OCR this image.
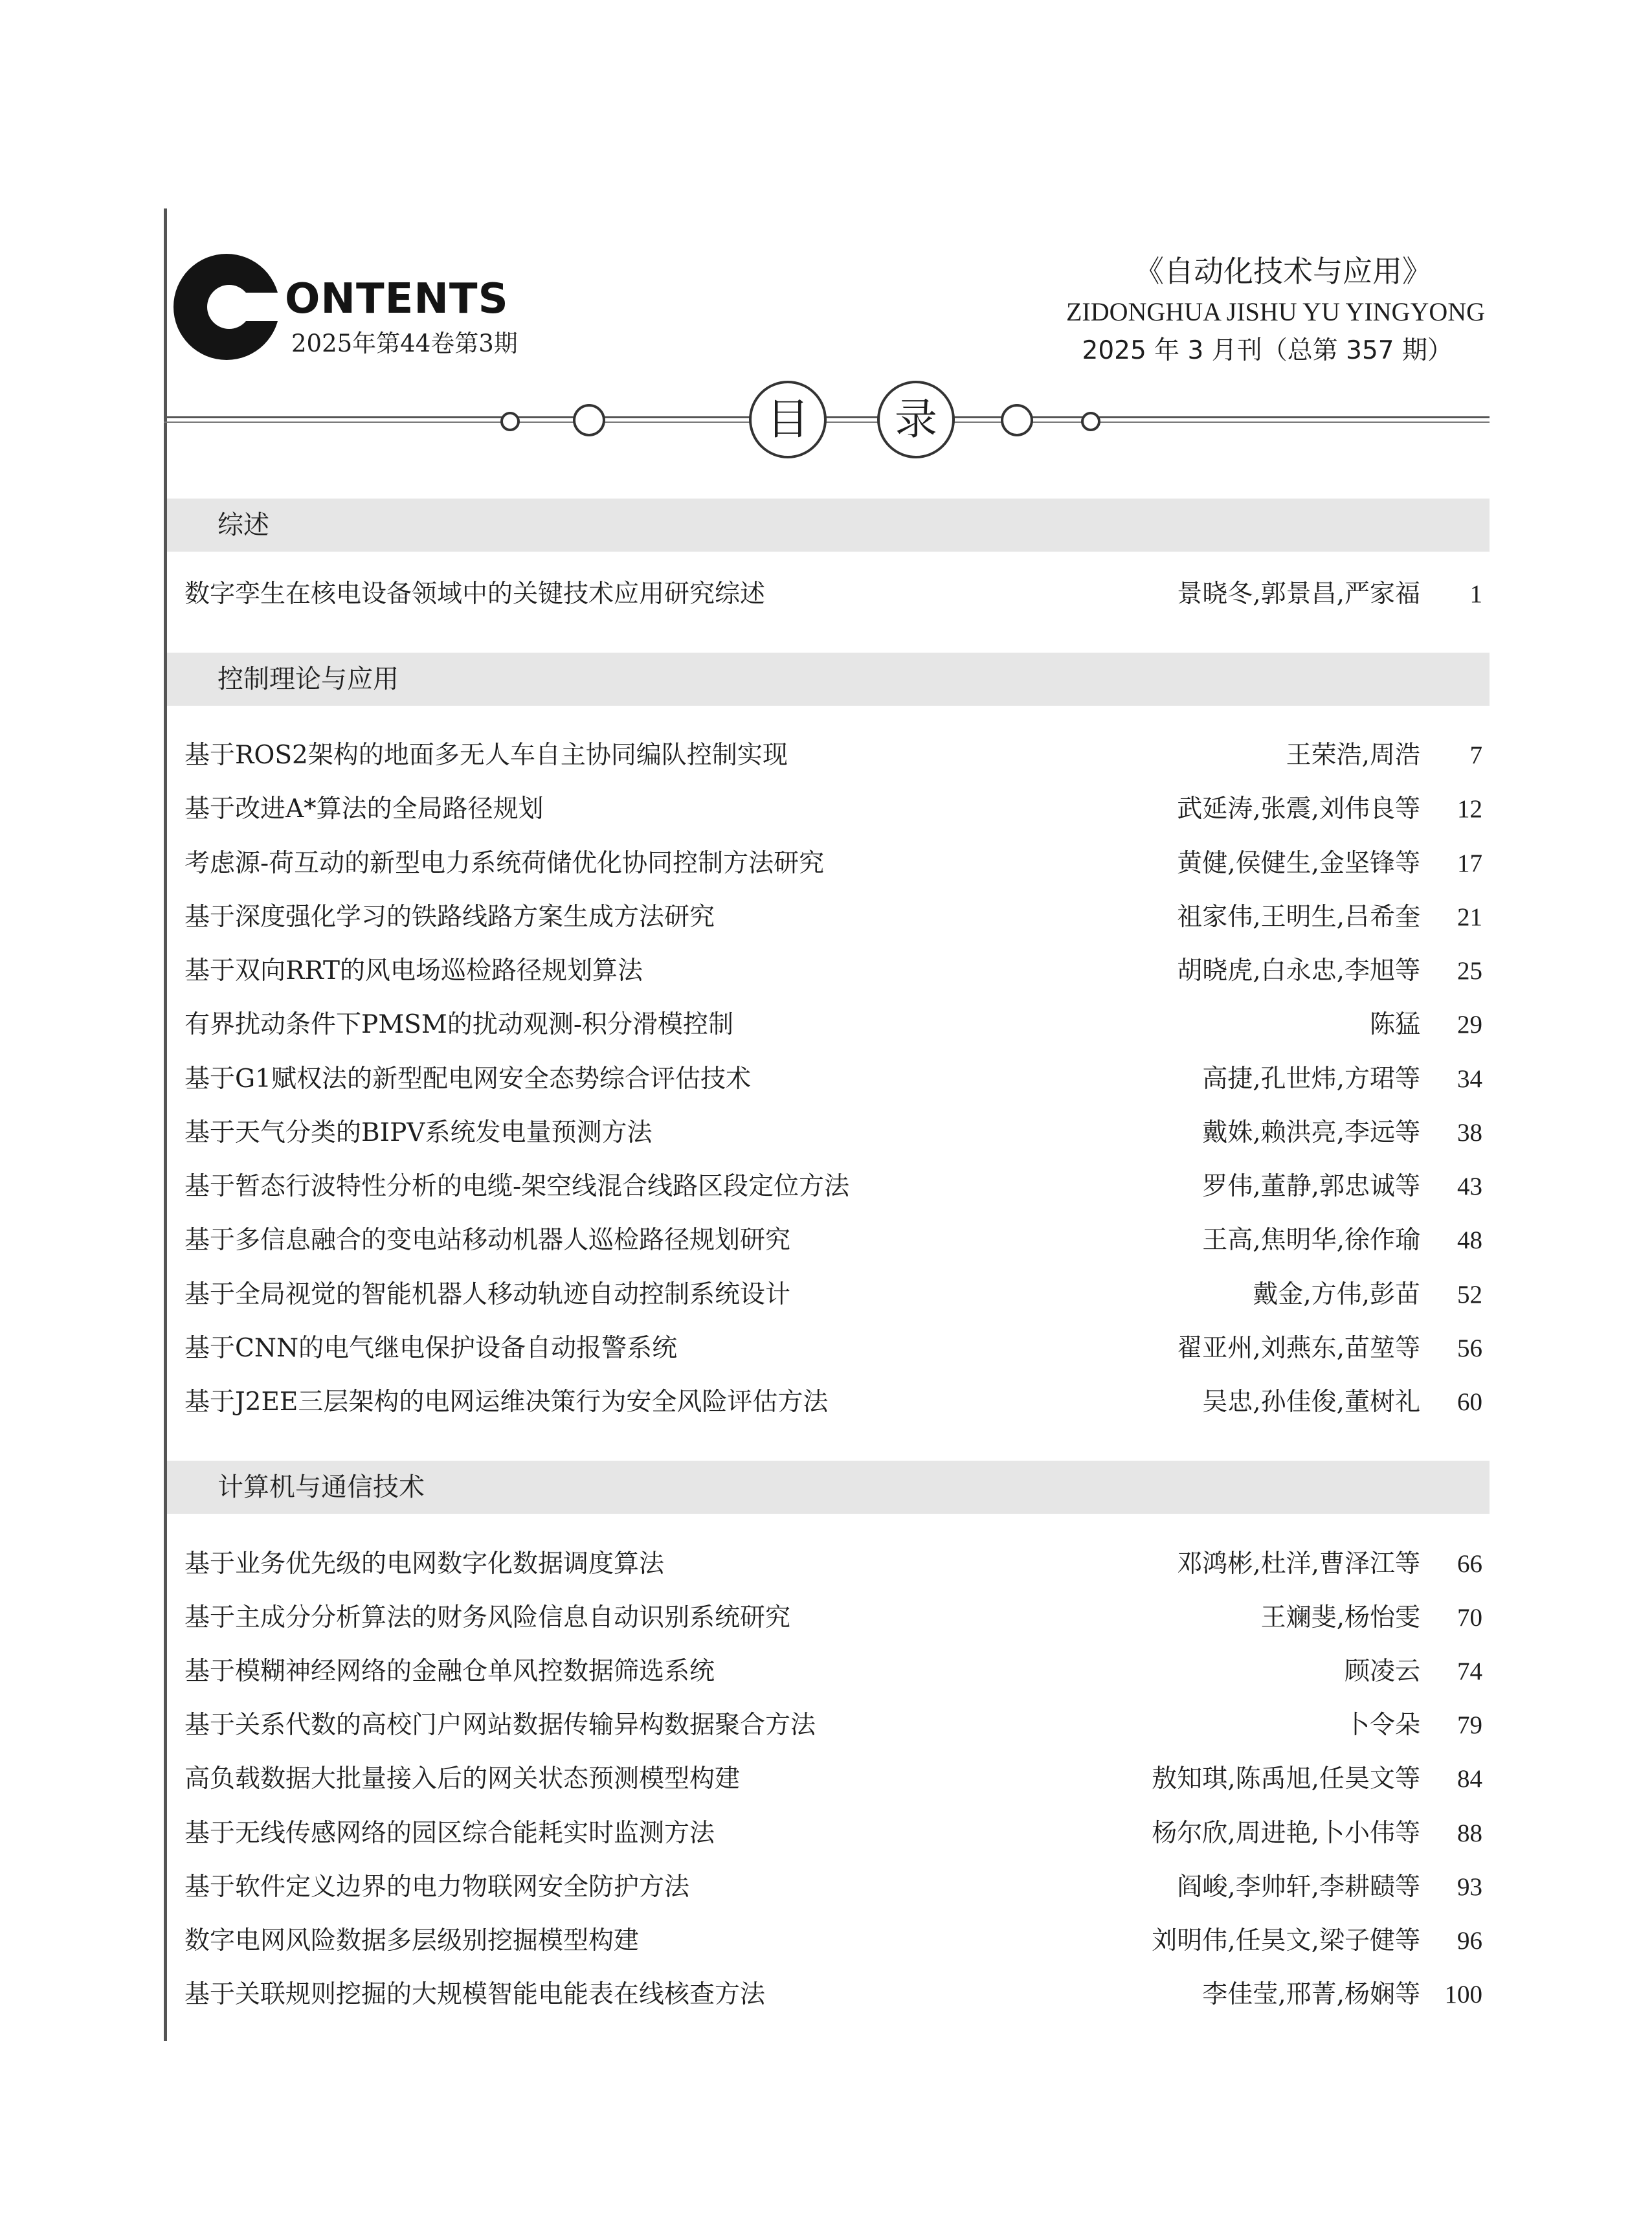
ONTENTS
2025年第44卷第3期
《自动化技术与应用》
ZIDONGHUA JISHU YU YINGYONG
2025 年 3 月刊（总第 357 期）
目	录
综述
数字孪生在核电设备领域中的关键技术应用研究综述	景晓冬,郭景昌,严家福	1
控制理论与应用
基于ROS2架构的地面多无人车自主协同编队控制实现	王荣浩,周浩	7
基于改进A*算法的全局路径规划	武延涛,张震,刘伟良等	12
考虑源-荷互动的新型电力系统荷储优化协同控制方法研究	黄健,侯健生,金坚锋等	17
基于深度强化学习的铁路线路方案生成方法研究	祖家伟,王明生,吕希奎	21
基于双向RRT的风电场巡检路径规划算法	胡晓虎,白永忠,李旭等	25
有界扰动条件下PMSM的扰动观测-积分滑模控制	陈猛	29
基于G1赋权法的新型配电网安全态势综合评估技术	高捷,孔世炜,方珺等	34
基于天气分类的BIPV系统发电量预测方法	戴姝,赖洪亮,李远等	38
基于暂态行波特性分析的电缆-架空线混合线路区段定位方法	罗伟,董静,郭忠诚等	43
基于多信息融合的变电站移动机器人巡检路径规划研究	王高,焦明华,徐作瑜	48
基于全局视觉的智能机器人移动轨迹自动控制系统设计	戴金,方伟,彭苗	52
基于CNN的电气继电保护设备自动报警系统	翟亚州,刘燕东,苗堃等	56
基于J2EE三层架构的电网运维决策行为安全风险评估方法	吴忠,孙佳俊,董树礼	60
计算机与通信技术
基于业务优先级的电网数字化数据调度算法	邓鸿彬,杜洋,曹泽江等	66
基于主成分分析算法的财务风险信息自动识别系统研究	王斓斐,杨怡雯	70
基于模糊神经网络的金融仓单风控数据筛选系统	顾凌云	74
基于关系代数的高校门户网站数据传输异构数据聚合方法	卜令朵	79
高负载数据大批量接入后的网关状态预测模型构建	敖知琪,陈禹旭,任昊文等	84
基于无线传感网络的园区综合能耗实时监测方法	杨尔欣,周进艳,卜小伟等	88
基于软件定义边界的电力物联网安全防护方法	阎峻,李帅轩,李耕赜等	93
数字电网风险数据多层级别挖掘模型构建	刘明伟,任昊文,梁子健等	96
基于关联规则挖掘的大规模智能电能表在线核查方法	李佳莹,邢菁,杨娴等 100
